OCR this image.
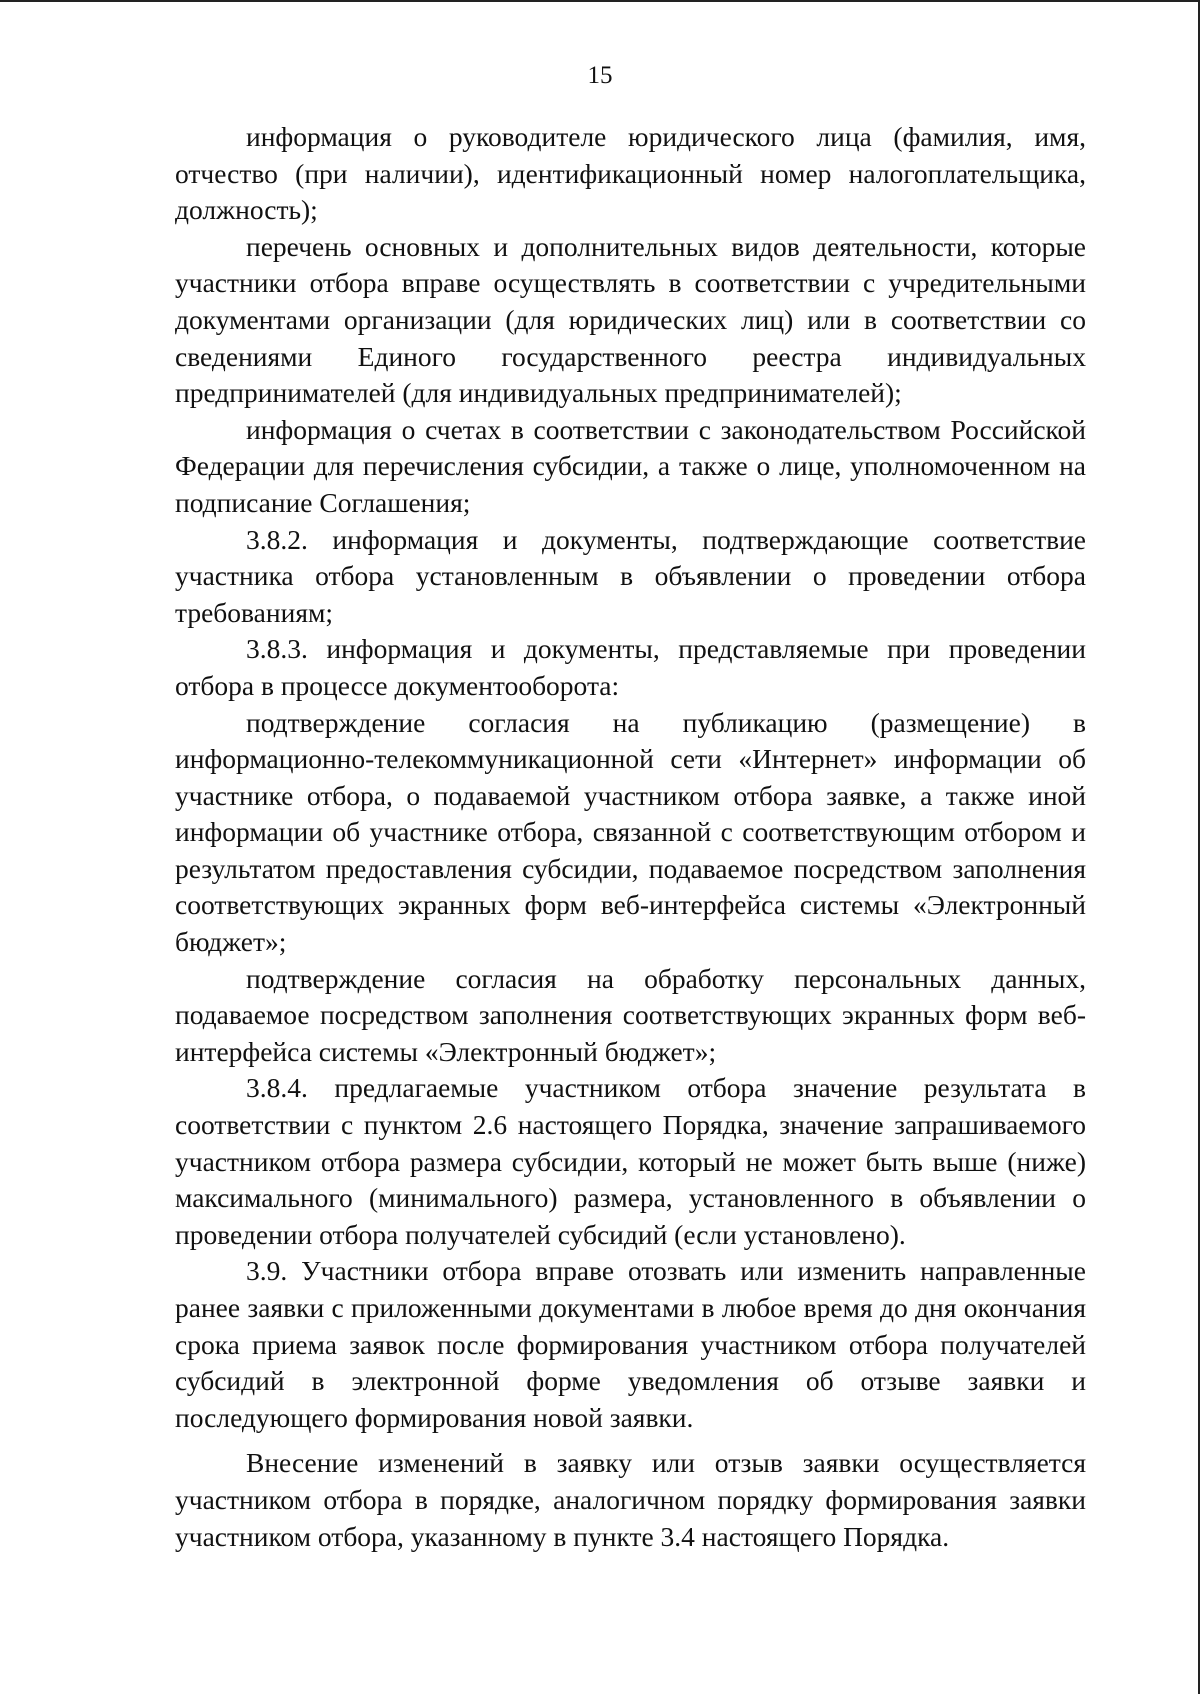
15

информация о руководителе юридического лица (фамилия, имя, отчество (при наличии), идентификационный номер налогоплательщика, должность);

перечень основных и дополнительных видов деятельности, которые участники отбора вправе осуществлять в соответствии с учредительными документами организации (для юридических лиц) или в соответствии со сведениями Единого государственного реестра индивидуальных предпринимателей (для индивидуальных предпринимателей);

информация о счетах в соответствии с законодательством Российской Федерации для перечисления субсидии, а также о лице, уполномоченном на подписание Соглашения;

3.8.2. информация и документы, подтверждающие соответствие участника отбора установленным в объявлении о проведении отбора требованиям;

3.8.3. информация и документы, представляемые при проведении отбора в процессе документооборота:

подтверждение согласия на публикацию (размещение) в информационно-телекоммуникационной сети «Интернет» информации об участнике отбора, о подаваемой участником отбора заявке, а также иной информации об участнике отбора, связанной с соответствующим отбором и результатом предоставления субсидии, подаваемое посредством заполнения соответствующих экранных форм веб-интерфейса системы «Электронный бюджет»;

подтверждение согласия на обработку персональных данных, подаваемое посредством заполнения соответствующих экранных форм веб-интерфейса системы «Электронный бюджет»;

3.8.4. предлагаемые участником отбора значение результата в соответствии с пунктом 2.6 настоящего Порядка, значение запрашиваемого участником отбора размера субсидии, который не может быть выше (ниже) максимального (минимального) размера, установленного в объявлении о проведении отбора получателей субсидий (если установлено).

3.9. Участники отбора вправе отозвать или изменить направленные ранее заявки с приложенными документами в любое время до дня окончания срока приема заявок после формирования участником отбора получателей субсидий в электронной форме уведомления об отзыве заявки и последующего формирования новой заявки.

Внесение изменений в заявку или отзыв заявки осуществляется участником отбора в порядке, аналогичном порядку формирования заявки участником отбора, указанному в пункте 3.4 настоящего Порядка.
